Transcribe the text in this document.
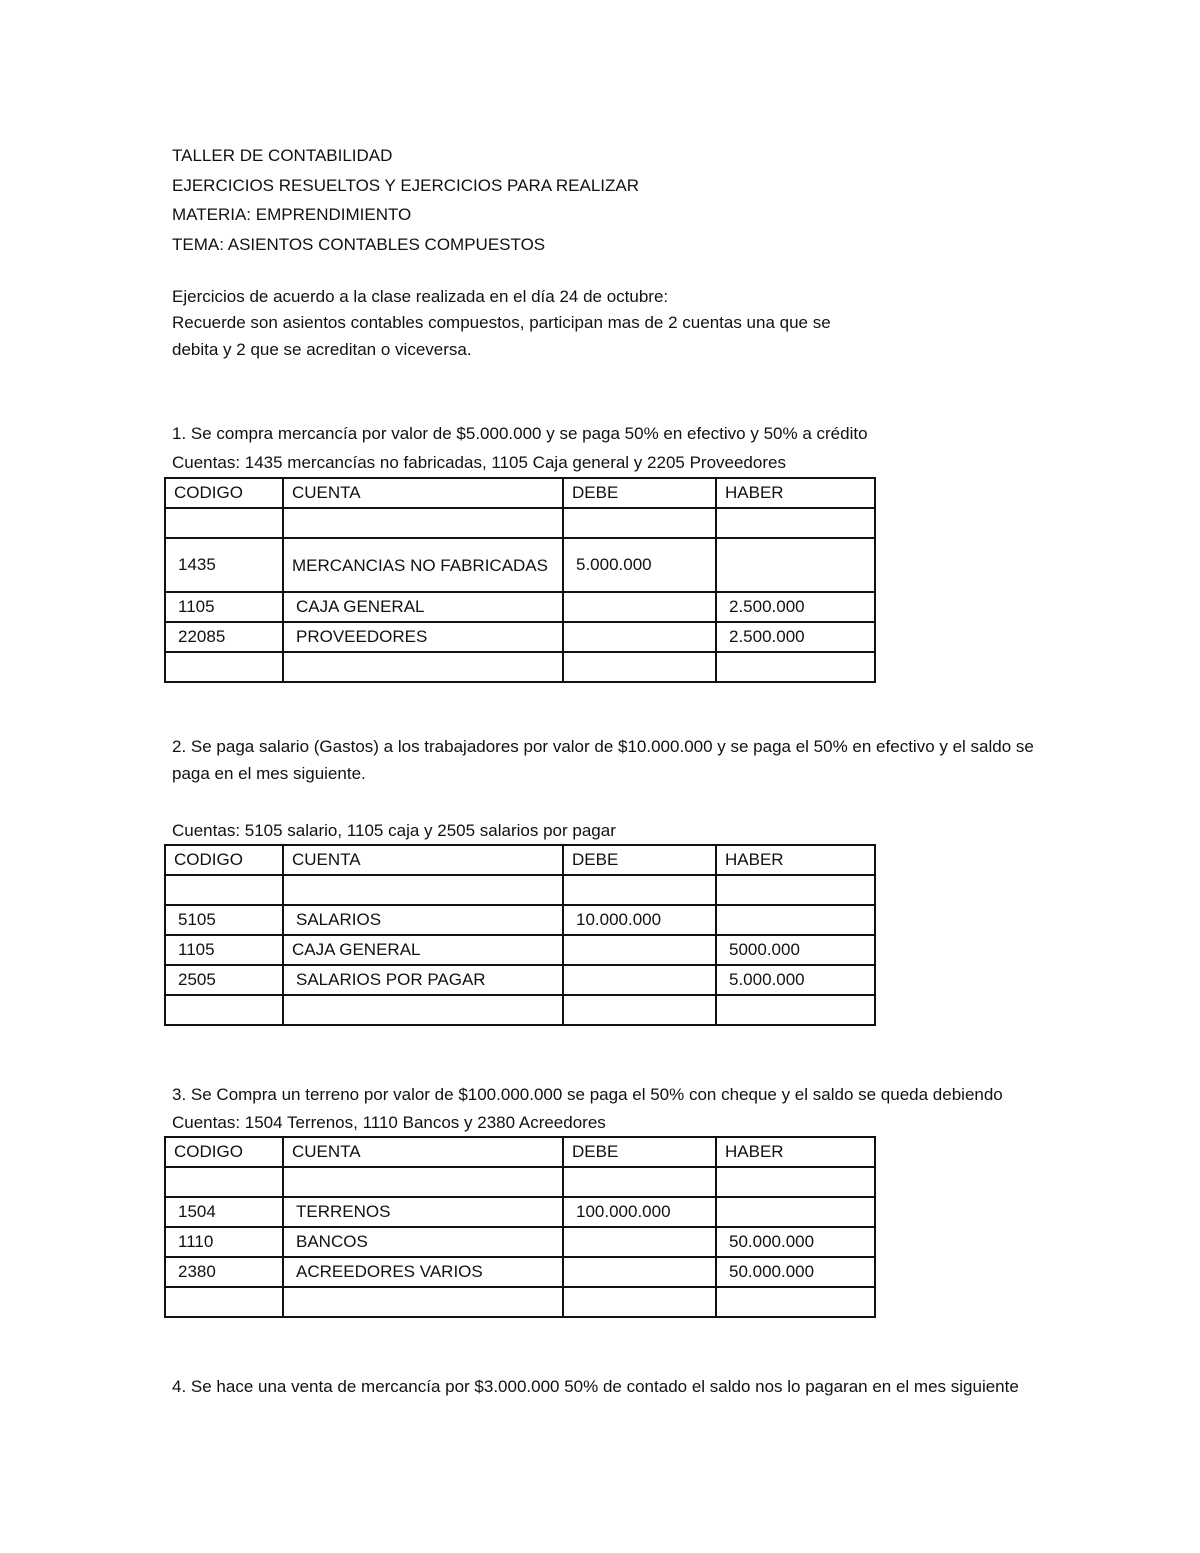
TALLER DE CONTABILIDAD
EJERCICIOS RESUELTOS Y EJERCICIOS PARA REALIZAR
MATERIA: EMPRENDIMIENTO
TEMA: ASIENTOS CONTABLES COMPUESTOS
Ejercicios de acuerdo a la clase realizada en el día 24 de octubre:
Recuerde son asientos contables compuestos, participan mas de 2 cuentas una que se
debita y 2 que se acreditan o viceversa.
1. Se compra mercancía por valor de $5.000.000 y se paga 50% en efectivo y 50% a crédito
Cuentas: 1435 mercancías no fabricadas, 1105 Caja general y 2205 Proveedores
CODIGO	CUENTA	DEBE	HABER

1435	MERCANCIAS NO FABRICADAS	5.000.000	
1105	CAJA GENERAL		2.500.000
22085	PROVEEDORES		2.500.000

2. Se paga salario (Gastos) a los trabajadores por valor de $10.000.000 y se paga el 50% en efectivo y el saldo se
paga en el mes siguiente.
Cuentas: 5105 salario, 1105 caja y 2505 salarios por pagar
CODIGO	CUENTA	DEBE	HABER

5105	SALARIOS	10.000.000	
1105	CAJA GENERAL		5000.000
2505	SALARIOS POR PAGAR		5.000.000

3. Se Compra un terreno por valor de $100.000.000 se paga el 50% con cheque y el saldo se queda debiendo
Cuentas: 1504 Terrenos, 1110 Bancos y 2380 Acreedores
CODIGO	CUENTA	DEBE	HABER

1504	TERRENOS	100.000.000	
1110	BANCOS		50.000.000
2380	ACREEDORES VARIOS		50.000.000

4. Se hace una venta de mercancía por $3.000.000 50% de contado el saldo nos lo pagaran en el mes siguiente
